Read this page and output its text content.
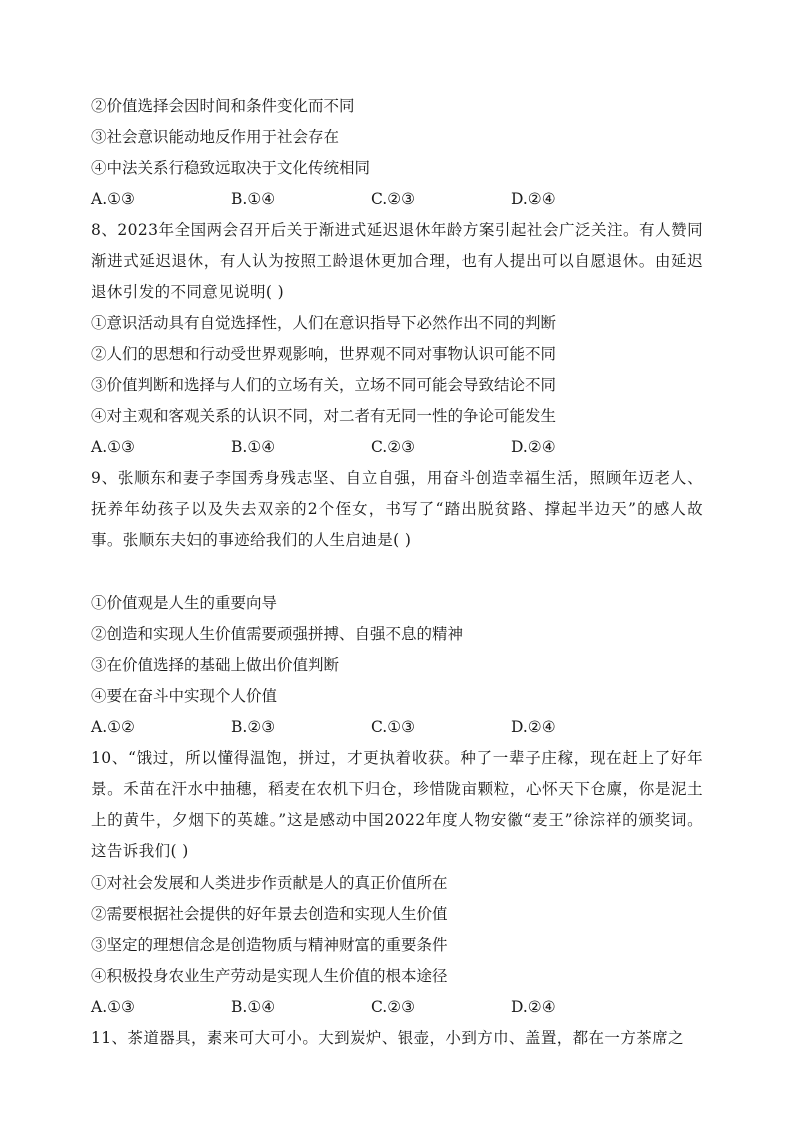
②价值选择会因时间和条件变化而不同
③社会意识能动地反作用于社会存在
④中法关系行稳致远取决于文化传统相同
A.①③	B.①④	C.②③	D.②④
8、2023年全国两会召开后关于渐进式延迟退休年龄方案引起社会广泛关注。有人赞同渐进式延迟退休，有人认为按照工龄退休更加合理，也有人提出可以自愿退休。由延迟退休引发的不同意见说明( )
①意识活动具有自觉选择性，人们在意识指导下必然作出不同的判断
②人们的思想和行动受世界观影响，世界观不同对事物认识可能不同
③价值判断和选择与人们的立场有关，立场不同可能会导致结论不同
④对主观和客观关系的认识不同，对二者有无同一性的争论可能发生
A.①③	B.①④	C.②③	D.②④
9、张顺东和妻子李国秀身残志坚、自立自强，用奋斗创造幸福生活，照顾年迈老人、抚养年幼孩子以及失去双亲的2个侄女，书写了“踏出脱贫路、撑起半边天”的感人故事。张顺东夫妇的事迹给我们的人生启迪是( )
①价值观是人生的重要向导
②创造和实现人生价值需要顽强拼搏、自强不息的精神
③在价值选择的基础上做出价值判断
④要在奋斗中实现个人价值
A.①②	B.②③	C.①③	D.②④
10、“饿过，所以懂得温饱，拼过，才更执着收获。种了一辈子庄稼，现在赶上了好年景。禾苗在汗水中抽穗，稻麦在农机下归仓，珍惜陇亩颗粒，心怀天下仓廪，你是泥土上的黄牛，夕烟下的英雄。”这是感动中国2022年度人物安徽“麦王”徐淙祥的颁奖词。这告诉我们( )
①对社会发展和人类进步作贡献是人的真正价值所在
②需要根据社会提供的好年景去创造和实现人生价值
③坚定的理想信念是创造物质与精神财富的重要条件
④积极投身农业生产劳动是实现人生价值的根本途径
A.①③	B.①④	C.②③	D.②④
11、茶道器具，素来可大可小。大到炭炉、银壶，小到方巾、盖置，都在一方茶席之
